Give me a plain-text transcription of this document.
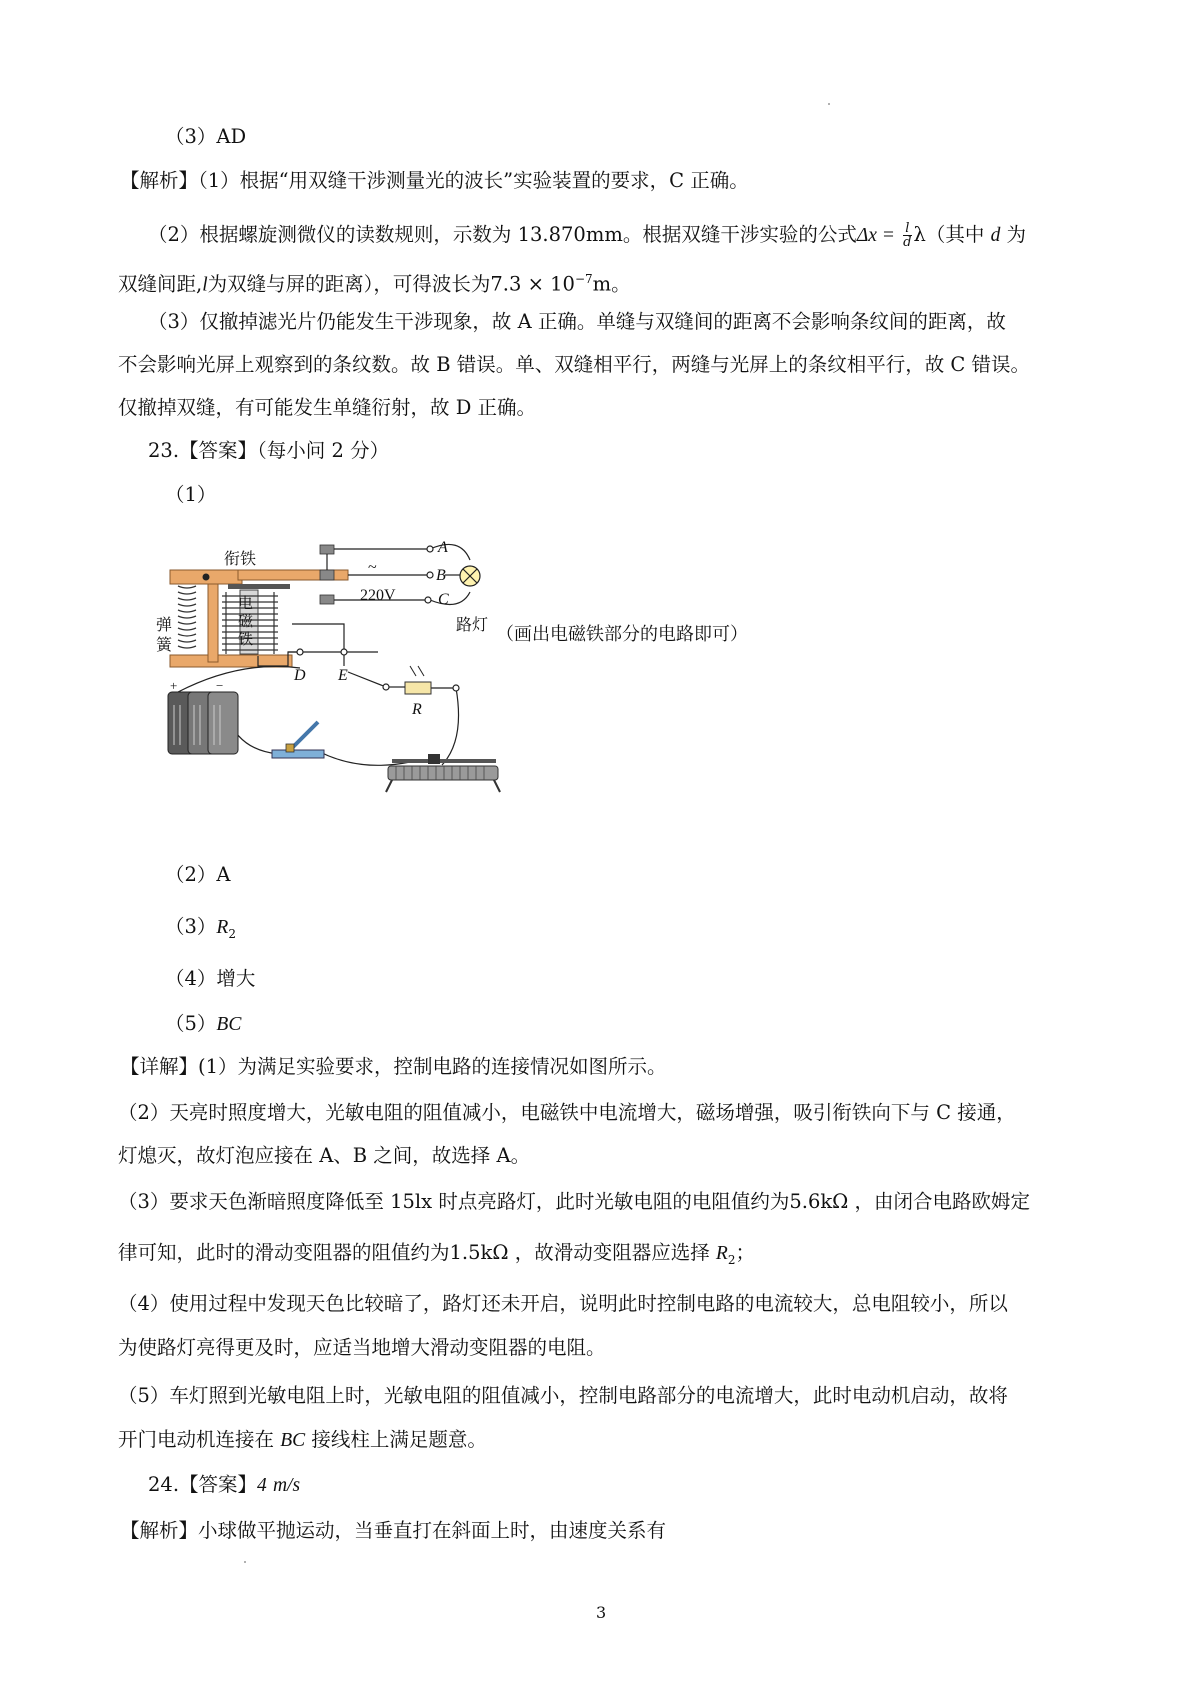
（3）AD
【解析】（1）根据“用双缝干涉测量光的波长”实验装置的要求，C 正确。
（2）根据螺旋测微仪的读数规则，示数为 13.870mm。根据双缝干涉实验的公式$\Delta x = \frac{l}{d} \lambda$（其中 d 为
双缝间距,l为双缝与屏的距离），可得波长为$7.3 \times 10^{-7}m$。
（3）仅撤掉滤光片仍能发生干涉现象，故 A 正确。单缝与双缝间的距离不会影响条纹间的距离，故
不会影响光屏上观察到的条纹数。故 B 错误。单、双缝相平行，两缝与光屏上的条纹相平行，故 C 错误。
仅撤掉双缝，有可能发生单缝衍射，故 D 正确。
23.【答案】（每小问 2 分）
（1）
衔铁
弹
簧
电
磁
铁
~
220V
A
B
C
路灯
D E
R
+	−
（画出电磁铁部分的电路即可）
（2）A
$(3)R_2$
（4）增大
（5）BC
【详解】(1）为满足实验要求，控制电路的连接情况如图所示。
（2）天亮时照度增大，光敏电阻的阻值减小，电磁铁中电流增大，磁场增强，吸引衔铁向下与 C 接通，
灯熄灭，故灯泡应接在 A、B 之间，故选择 A。
（3）要求天色渐暗照度降低至 15lx 时点亮路灯，此时光敏电阻的电阻值约为5.6kΩ ，由闭合电路欧姆定
律可知，此时的滑动变阻器的阻值约为1.5kΩ ，故滑动变阻器应选择 $R_2$；
（4）使用过程中发现天色比较暗了，路灯还未开启，说明此时控制电路的电流较大，总电阻较小，所以
为使路灯亮得更及时，应适当地增大滑动变阻器的电阻。
（5）车灯照到光敏电阻上时，光敏电阻的阻值减小，控制电路部分的电流增大，此时电动机启动，故将
开门电动机连接在 BC 接线柱上满足题意。
24.【答案】4 m/s
【解析】小球做平抛运动，当垂直打在斜面上时，由速度关系有
3
